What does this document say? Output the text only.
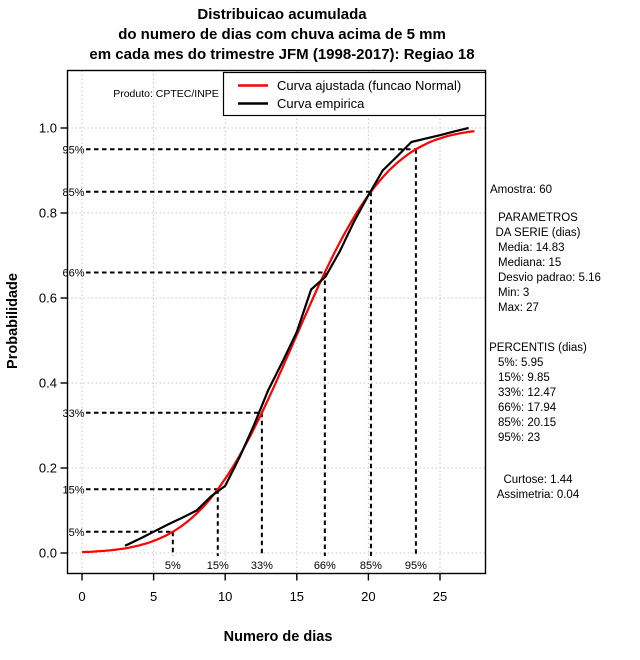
Distribuicao acumulada
do numero de dias com chuva acima de 5 mm
em cada mes do trimestre JFM (1998-2017): Regiao 18
0	5	10	15	20	25
0.0
0.2
0.4
0.6
0.8
1.0
5%
5%
15%
15%
33%
33%
66%
66%
85%
85%
95%
95%
Curva ajustada (funcao Normal)
Curva empirica
Produto: CPTEC/INPE
Numero de dias
Probabilidade
Amostra: 60
PARAMETROS
DA SERIE (dias)
Media: 14.83
Mediana: 15
Desvio padrao: 5.16
Min: 3
Max: 27
PERCENTIS (dias)
5%: 5.95
15%: 9.85
33%: 12.47
66%: 17.94
85%: 20.15
95%: 23
Curtose: 1.44
Assimetria: 0.04
